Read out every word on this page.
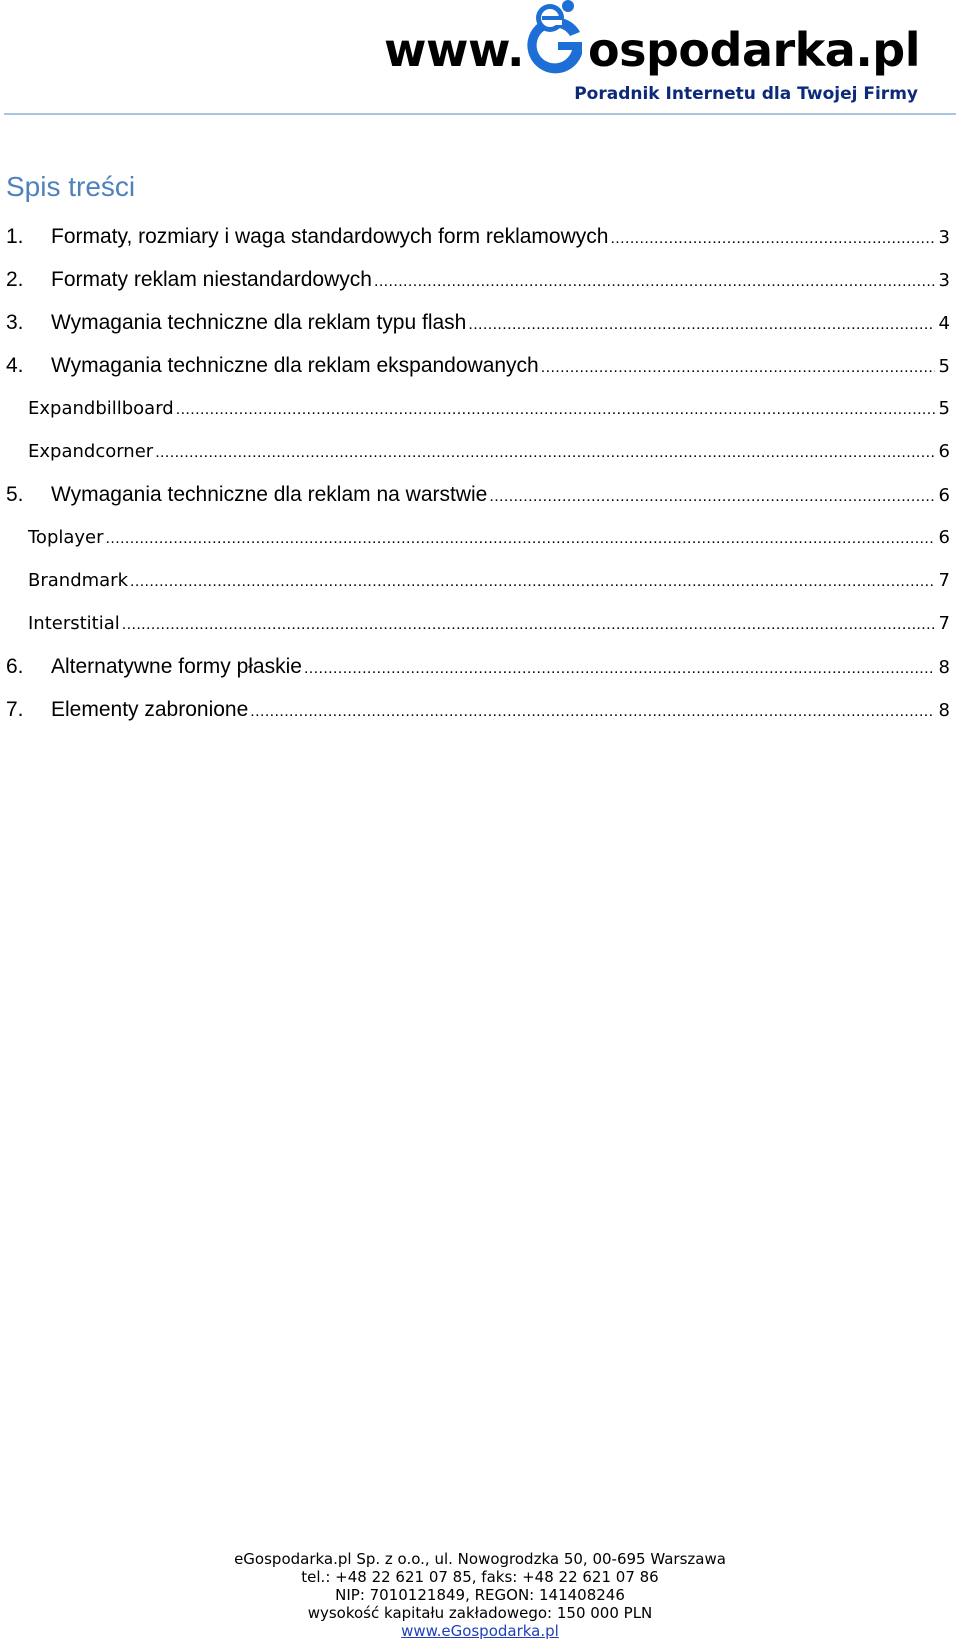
www. ospodarka.pl
Poradnik Internetu dla Twojej Firmy
Spis treści
1.	Formaty, rozmiary i waga standardowych form reklamowych .....	3
2.	Formaty reklam niestandardowych .....	3
3.	Wymagania techniczne dla reklam typu flash .....	4
4.	Wymagania techniczne dla reklam ekspandowanych .....	5
Expandbillboard .....	5
Expandcorner .....	6
5.	Wymagania techniczne dla reklam na warstwie .....	6
Toplayer .....	6
Brandmark .....	7
Interstitial .....	7
6.	Alternatywne formy płaskie .....	8
7.	Elementy zabronione .....	8
eGospodarka.pl Sp. z o.o., ul. Nowogrodzka 50, 00-695 Warszawa
tel.: +48 22 621 07 85, faks: +48 22 621 07 86
NIP: 7010121849, REGON: 141408246
wysokość kapitału zakładowego: 150 000 PLN
www.eGospodarka.pl
